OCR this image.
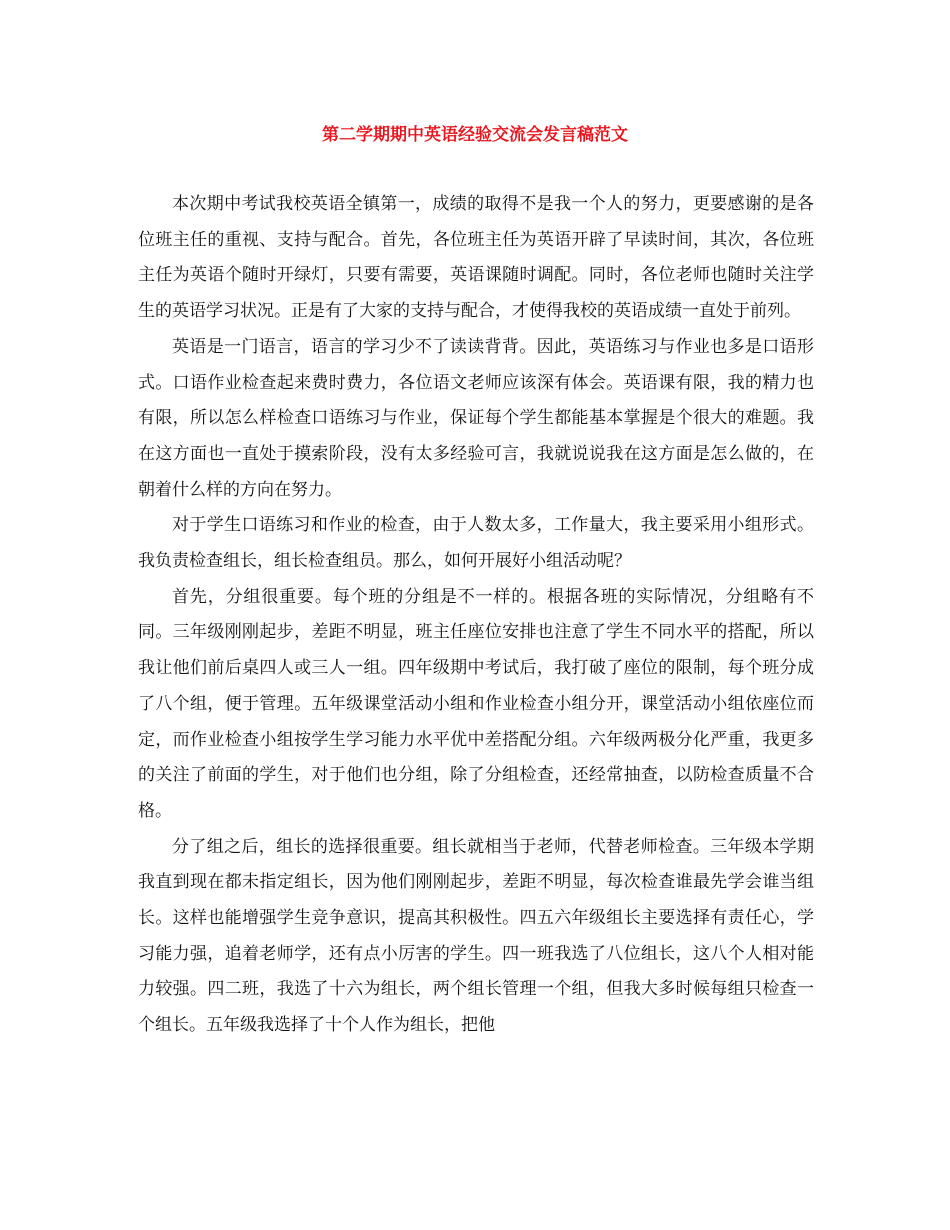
第二学期期中英语经验交流会发言稿范文

本次期中考试我校英语全镇第一，成绩的取得不是我一个人的努力，更要感谢的是各位班主任的重视、支持与配合。首先，各位班主任为英语开辟了早读时间，其次，各位班主任为英语个随时开绿灯，只要有需要，英语课随时调配。同时，各位老师也随时关注学生的英语学习状况。正是有了大家的支持与配合，才使得我校的英语成绩一直处于前列。

英语是一门语言，语言的学习少不了读读背背。因此，英语练习与作业也多是口语形式。口语作业检查起来费时费力，各位语文老师应该深有体会。英语课有限，我的精力也有限，所以怎么样检查口语练习与作业，保证每个学生都能基本掌握是个很大的难题。我在这方面也一直处于摸索阶段，没有太多经验可言，我就说说我在这方面是怎么做的，在朝着什么样的方向在努力。

对于学生口语练习和作业的检查，由于人数太多，工作量大，我主要采用小组形式。我负责检查组长，组长检查组员。那么，如何开展好小组活动呢？

首先，分组很重要。每个班的分组是不一样的。根据各班的实际情况，分组略有不同。三年级刚刚起步，差距不明显，班主任座位安排也注意了学生不同水平的搭配，所以我让他们前后桌四人或三人一组。四年级期中考试后，我打破了座位的限制，每个班分成了八个组，便于管理。五年级课堂活动小组和作业检查小组分开，课堂活动小组依座位而定，而作业检查小组按学生学习能力水平优中差搭配分组。六年级两极分化严重，我更多的关注了前面的学生，对于他们也分组，除了分组检查，还经常抽查，以防检查质量不合格。

分了组之后，组长的选择很重要。组长就相当于老师，代替老师检查。三年级本学期我直到现在都未指定组长，因为他们刚刚起步，差距不明显，每次检查谁最先学会谁当组长。这样也能增强学生竞争意识，提高其积极性。四五六年级组长主要选择有责任心，学习能力强，追着老师学，还有点小厉害的学生。四一班我选了八位组长，这八个人相对能力较强。四二班，我选了十六为组长，两个组长管理一个组，但我大多时候每组只检查一个组长。五年级我选择了十个人作为组长，把他
